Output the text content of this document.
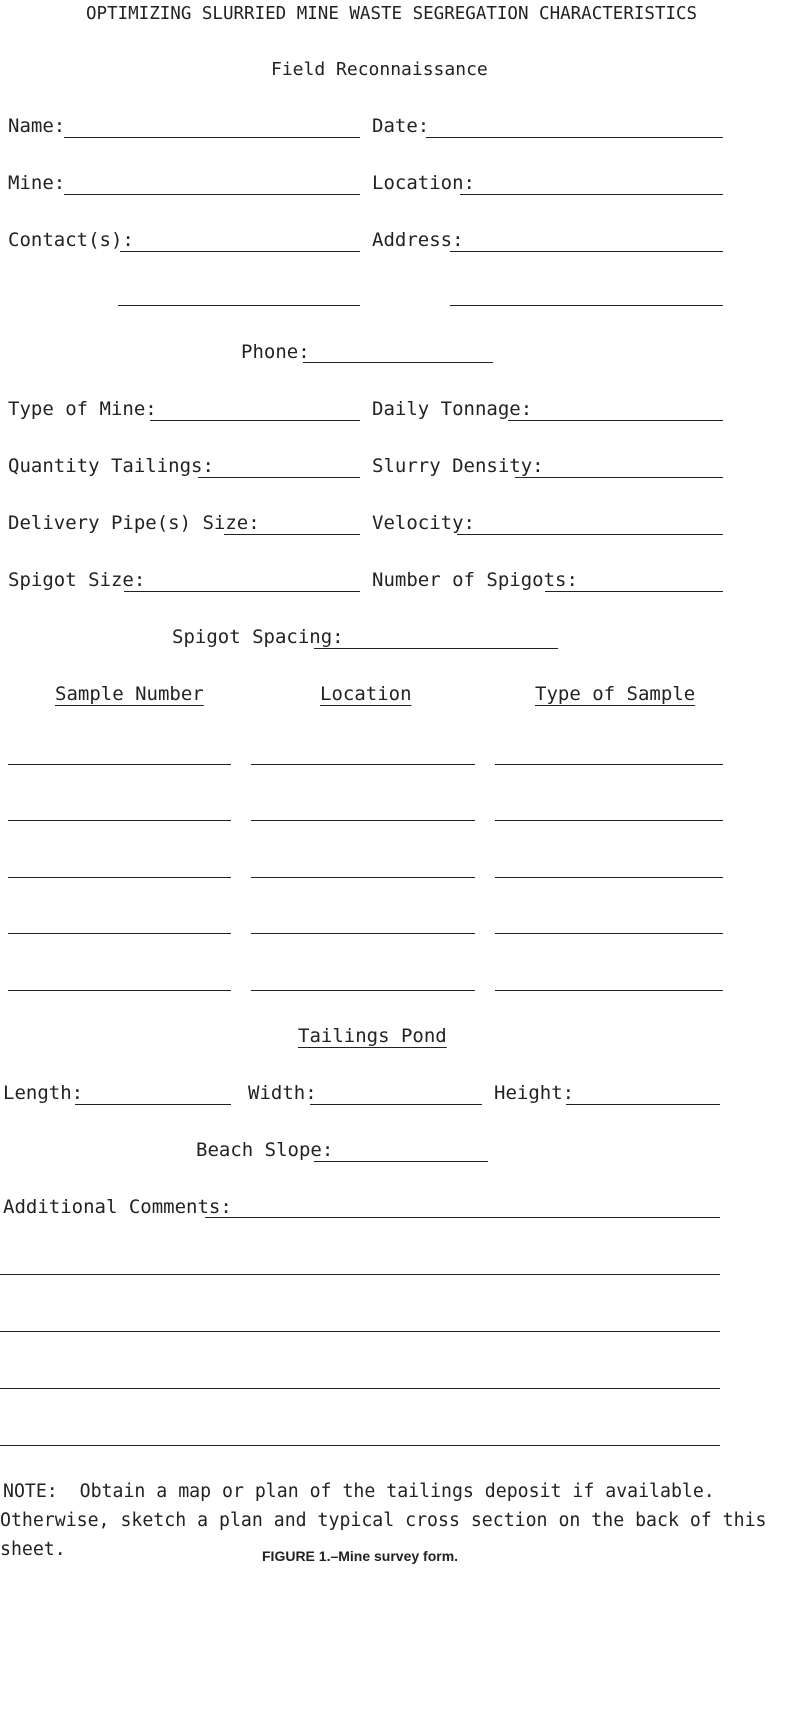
OPTIMIZING SLURRIED MINE WASTE SEGREGATION CHARACTERISTICS
Field Reconnaissance
Name:	Date:
Mine:	Location:
Contact(s):	Address:
Phone:
Type of Mine:	Daily Tonnage:
Quantity Tailings:	Slurry Density:
Delivery Pipe(s) Size:	Velocity:
Spigot Size:	Number of Spigots:
Spigot Spacing:
Sample Number	Location	Type of Sample
Tailings Pond
Length:	Width:	Height:
Beach Slope:
Additional Comments:
NOTE:  Obtain a map or plan of the tailings deposit if available.
Otherwise, sketch a plan and typical cross section on the back of this
sheet.	FIGURE 1.–Mine survey form.
